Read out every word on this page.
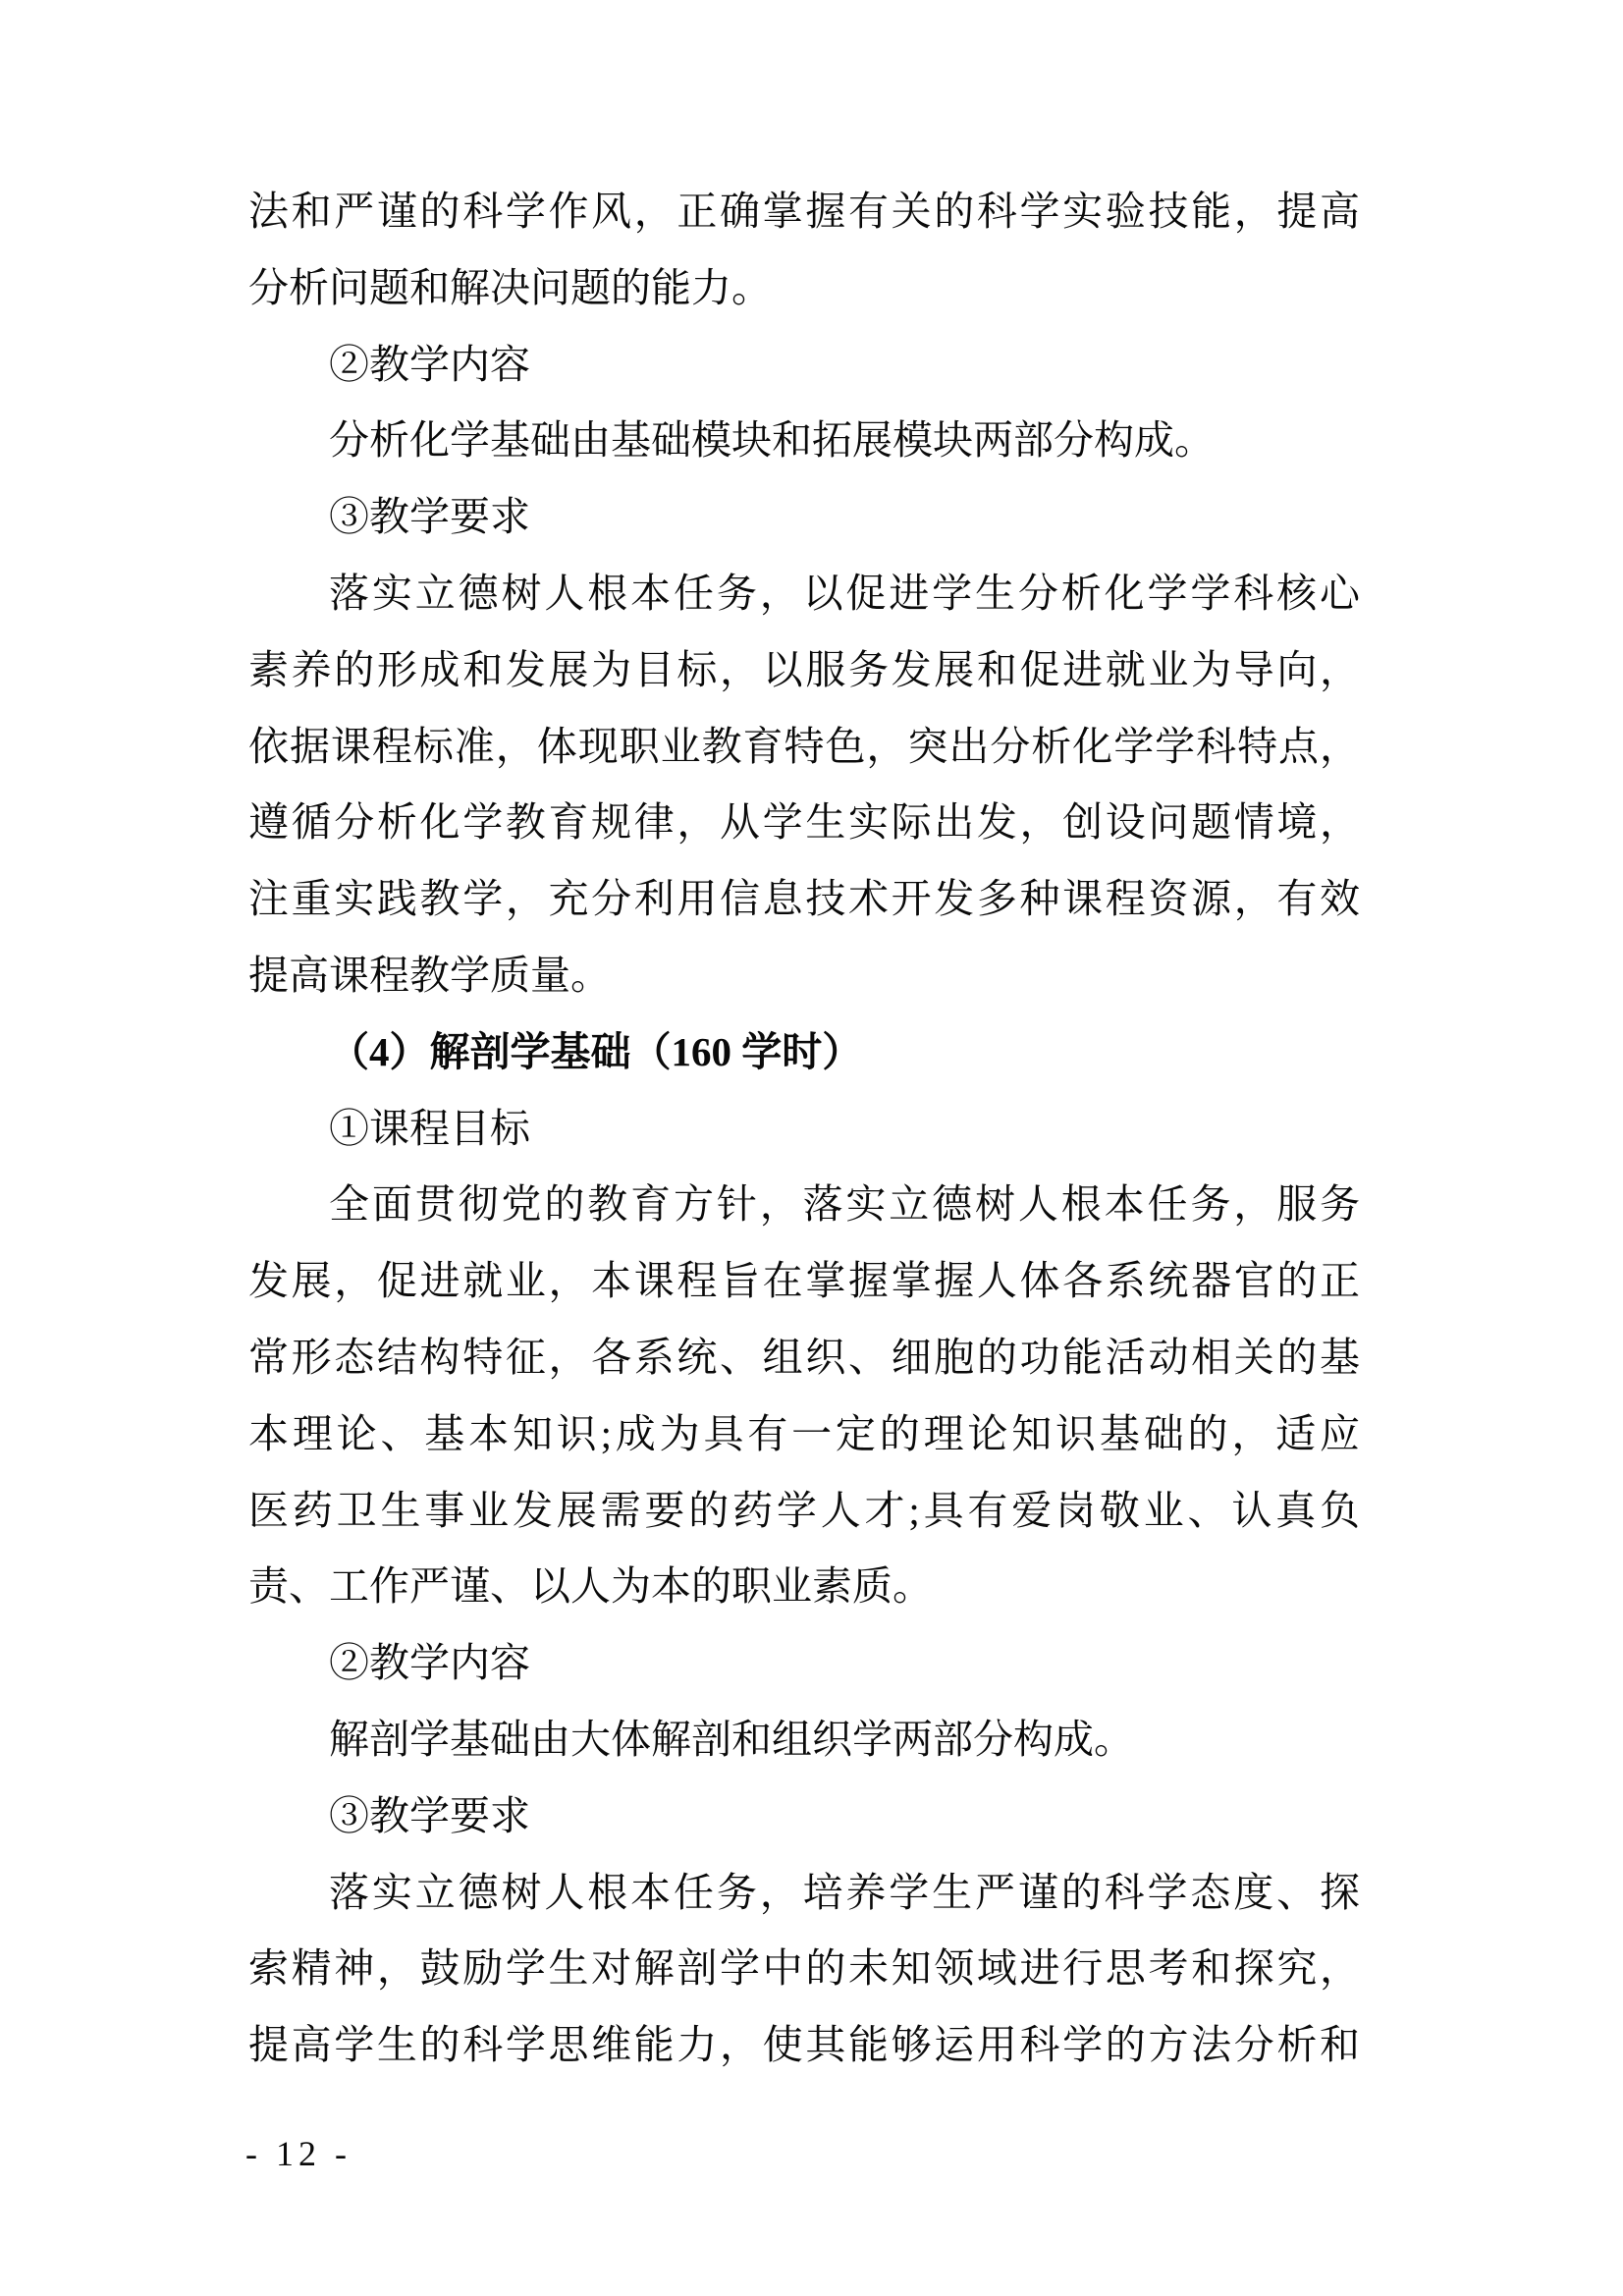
法和严谨的科学作风，正确掌握有关的科学实验技能，提高
分析问题和解决问题的能力。
②教学内容
分析化学基础由基础模块和拓展模块两部分构成。
③教学要求
落实立德树人根本任务，以促进学生分析化学学科核心
素养的形成和发展为目标，以服务发展和促进就业为导向，
依据课程标准，体现职业教育特色，突出分析化学学科特点，
遵循分析化学教育规律，从学生实际出发，创设问题情境，
注重实践教学，充分利用信息技术开发多种课程资源，有效
提高课程教学质量。
（4）解剖学基础（160 学时）
①课程目标
全面贯彻党的教育方针，落实立德树人根本任务，服务
发展，促进就业，本课程旨在掌握掌握人体各系统器官的正
常形态结构特征，各系统、组织、细胞的功能活动相关的基
本理论、基本知识;成为具有一定的理论知识基础的，适应
医药卫生事业发展需要的药学人才;具有爱岗敬业、认真负
责、工作严谨、以人为本的职业素质。
②教学内容
解剖学基础由大体解剖和组织学两部分构成。
③教学要求
落实立德树人根本任务，培养学生严谨的科学态度、探
索精神，鼓励学生对解剖学中的未知领域进行思考和探究，
提高学生的科学思维能力，使其能够运用科学的方法分析和
- 12 -
